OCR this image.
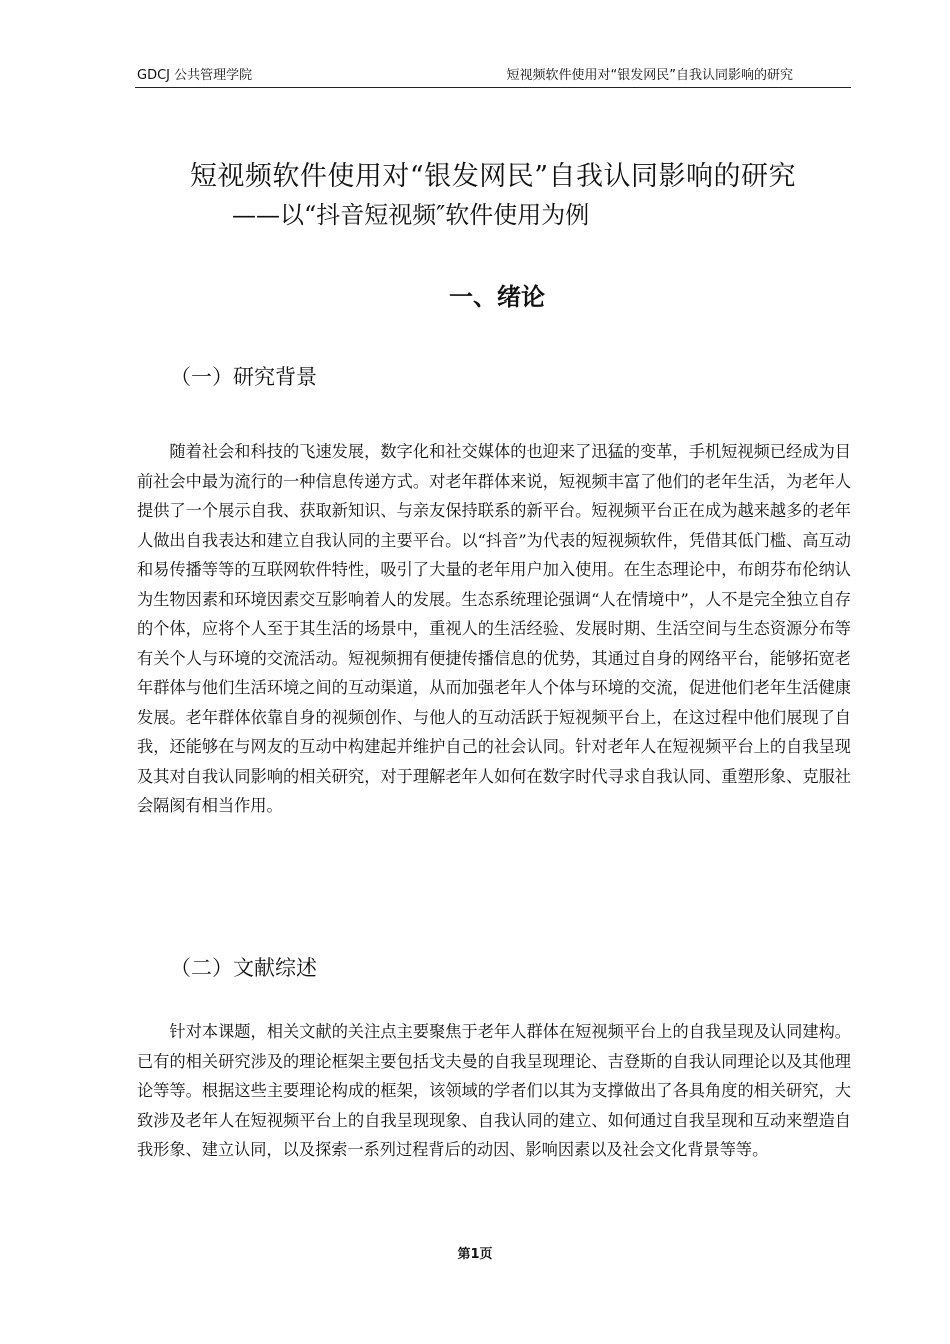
GDCJ 公共管理学院	短视频软件使用对“银发网民”自我认同影响的研究
短视频软件使用对“银发网民”自我认同影响的研究
——以“抖音短视频″软件使用为例
一、绪论
（一）研究背景

随着社会和科技的飞速发展，数字化和社交媒体的也迎来了迅猛的变革，手机短视频已经成为目前社会中最为流行的一种信息传递方式。对老年群体来说，短视频丰富了他们的老年生活，为老年人提供了一个展示自我、获取新知识、与亲友保持联系的新平台。短视频平台正在成为越来越多的老年人做出自我表达和建立自我认同的主要平台。以“抖音”为代表的短视频软件，凭借其低门槛、高互动和易传播等等的互联网软件特性，吸引了大量的老年用户加入使用。在生态理论中，布朗芬布伦纳认为生物因素和环境因素交互影响着人的发展。生态系统理论强调“人在情境中”，人不是完全独立自存的个体，应将个人至于其生活的场景中，重视人的生活经验、发展时期、生活空间与生态资源分布等有关个人与环境的交流活动。短视频拥有便捷传播信息的优势，其通过自身的网络平台，能够拓宽老年群体与他们生活环境之间的互动渠道，从而加强老年人个体与环境的交流，促进他们老年生活健康发展。老年群体依靠自身的视频创作、与他人的互动活跃于短视频平台上，在这过程中他们展现了自我，还能够在与网友的互动中构建起并维护自己的社会认同。针对老年人在短视频平台上的自我呈现及其对自我认同影响的相关研究，对于理解老年人如何在数字时代寻求自我认同、重塑形象、克服社会隔阂有相当作用。

（二）文献综述

针对本课题，相关文献的关注点主要聚焦于老年人群体在短视频平台上的自我呈现及认同建构。已有的相关研究涉及的理论框架主要包括戈夫曼的自我呈现理论、吉登斯的自我认同理论以及其他理论等等。根据这些主要理论构成的框架，该领域的学者们以其为支撑做出了各具角度的相关研究，大致涉及老年人在短视频平台上的自我呈现现象、自我认同的建立、如何通过自我呈现和互动来塑造自我形象、建立认同，以及探索一系列过程背后的动因、影响因素以及社会文化背景等等。

第1页
